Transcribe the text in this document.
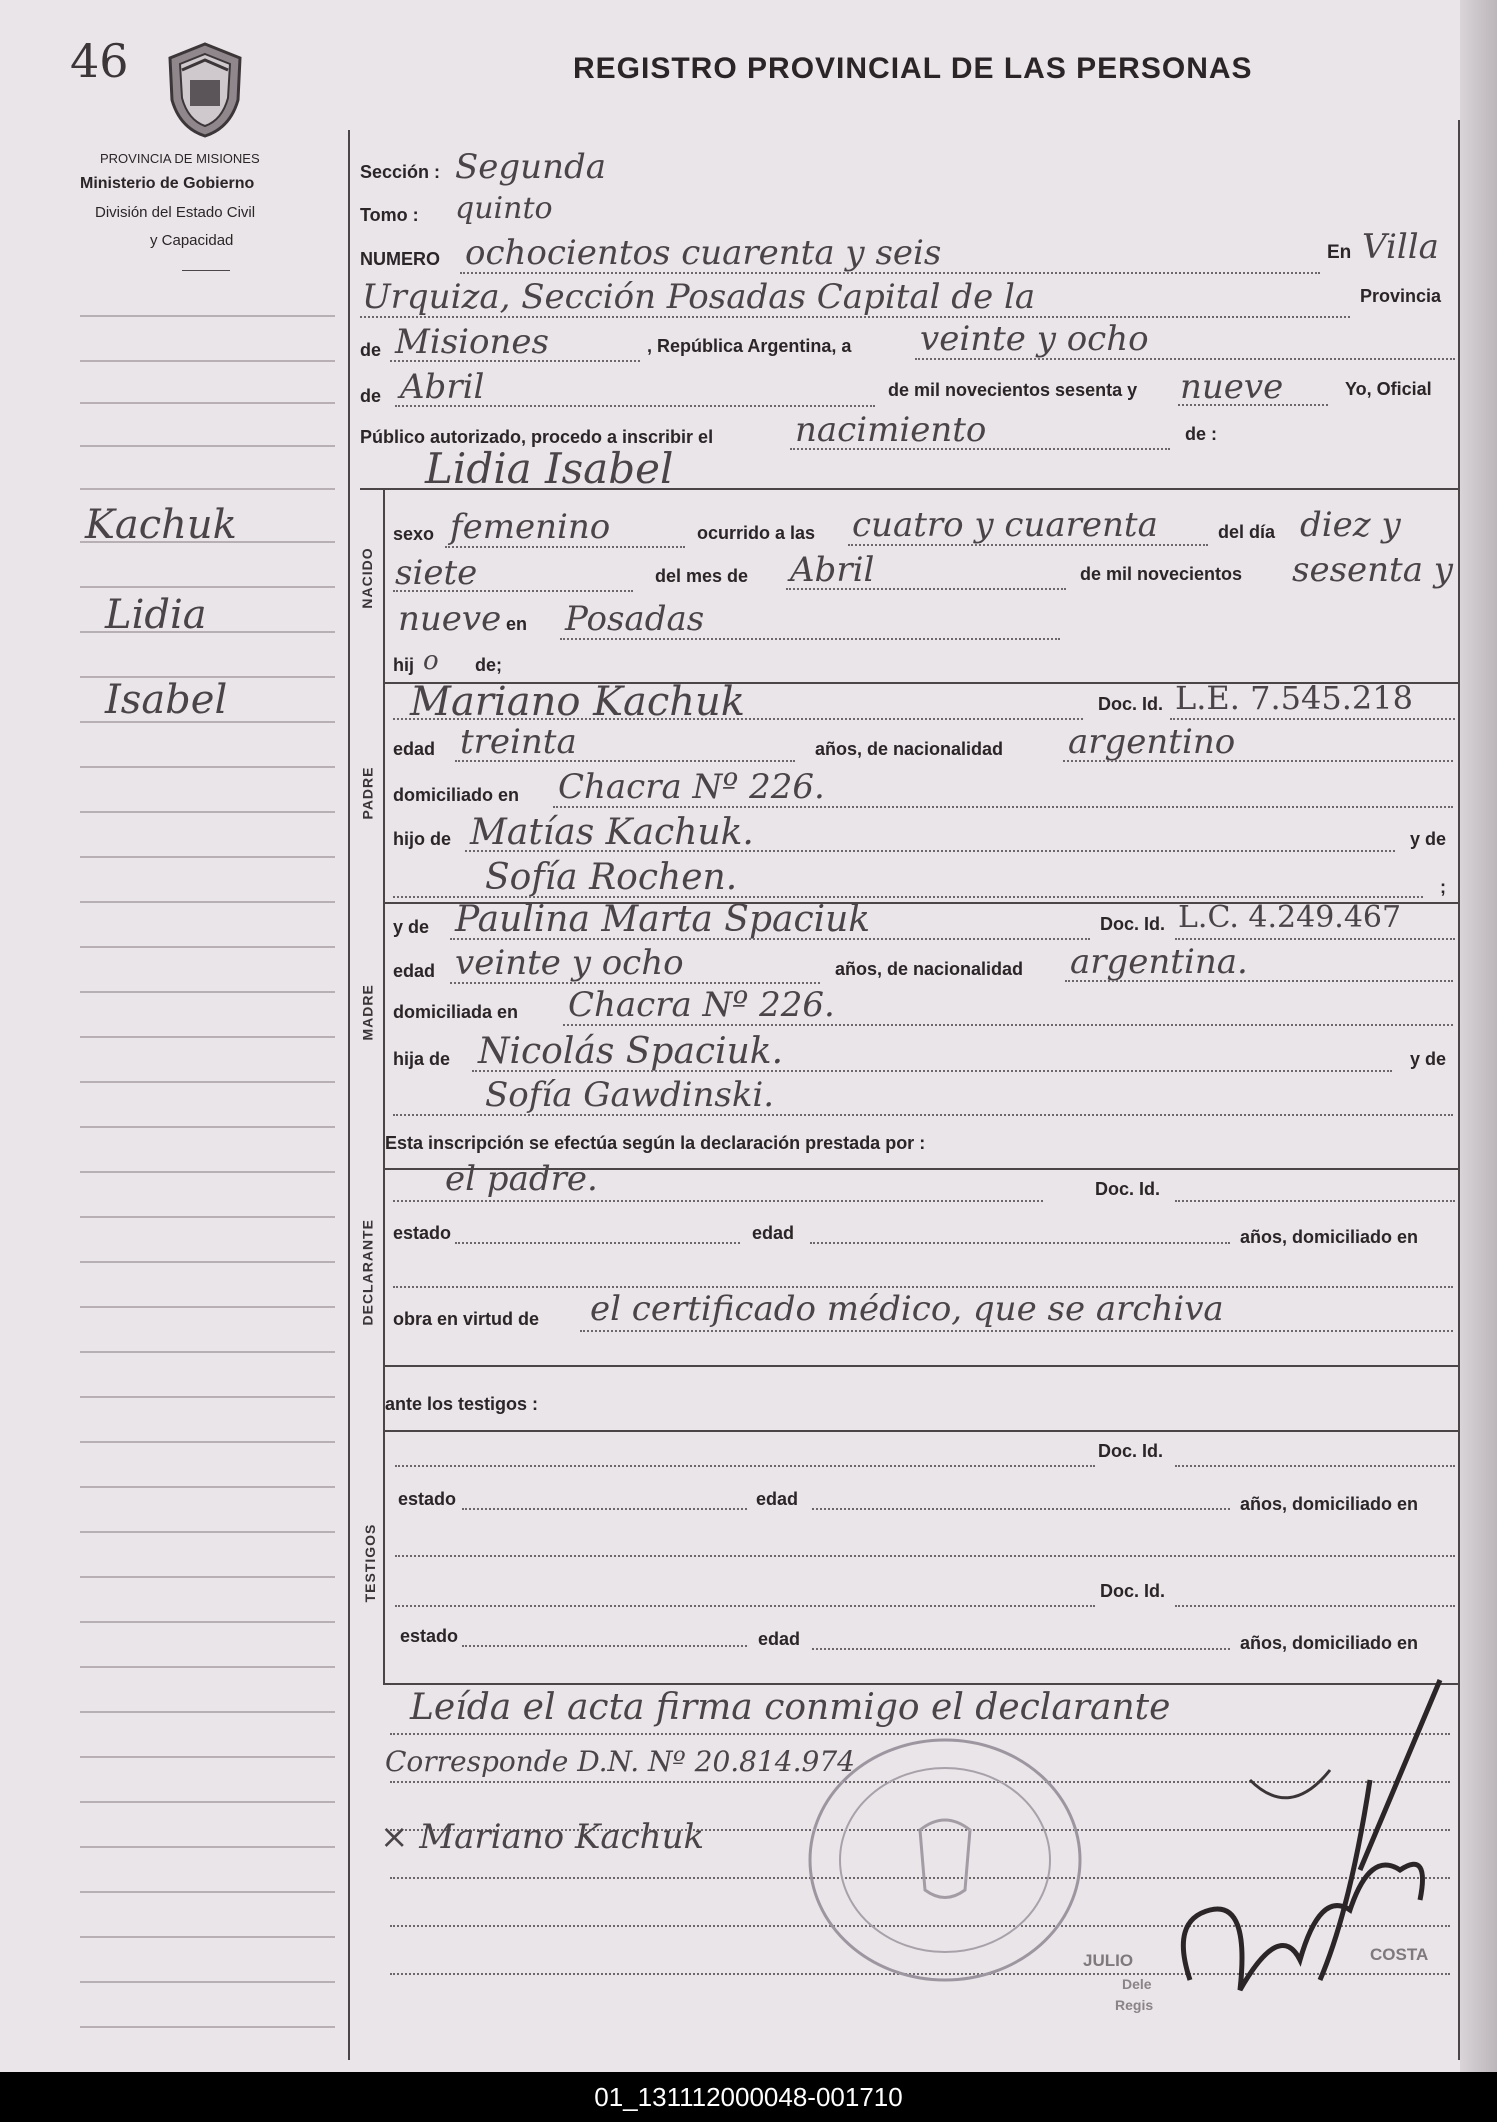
46	REGISTRO PROVINCIAL DE LAS PERSONAS
PROVINCIA DE MISIONES
Ministerio de Gobierno
División del Estado Civil
y Capacidad
Kachuk
Lidia
Isabel
Sección : Segunda
Tomo : quinto
NUMERO ochocientos cuarenta y seis	En Villa
Urquiza, Sección Posadas Capital de la	Provincia
de Misiones	, República Argentina, a veinte y ocho
de Abril	de mil novecientos sesenta y nueve	Yo, Oficial
Público autorizado, procedo a inscribir el nacimiento	de :
Lidia Isabel
NACIDO
sexo femenino	ocurrido a las cuatro y cuarenta	del día diez y
siete	del mes de Abril	de mil novecientos sesenta y
nueve en Posadas
hij o de;
PADRE
Mariano Kachuk	Doc. Id. L.E. 7.545.218
edad treinta	años, de nacionalidad argentino
domiciliado en Chacra Nº 226.
hijo de Matías Kachuk.	y de
Sofía Rochen.	;
MADRE
y de Paulina Marta Spaciuk	Doc. Id. L.C. 4.249.467
edad veinte y ocho	años, de nacionalidad argentina.
domiciliada en Chacra Nº 226.
hija de Nicolás Spaciuk.	y de
Sofía Gawdinski.
Esta inscripción se efectúa según la declaración prestada por :
DECLARANTE
el padre.	Doc. Id.
estado	edad	años, domiciliado en
obra en virtud de el certificado médico, que se archiva
ante los testigos :
TESTIGOS
Doc. Id.
estado	edad	años, domiciliado en
Doc. Id.
estado	edad	años, domiciliado en
Leída el acta firma conmigo el declarante
Corresponde D.N. Nº 20.814.974
× Mariano Kachuk
JULIO
Dele
Regis
COSTA
01_131112000048-001710
